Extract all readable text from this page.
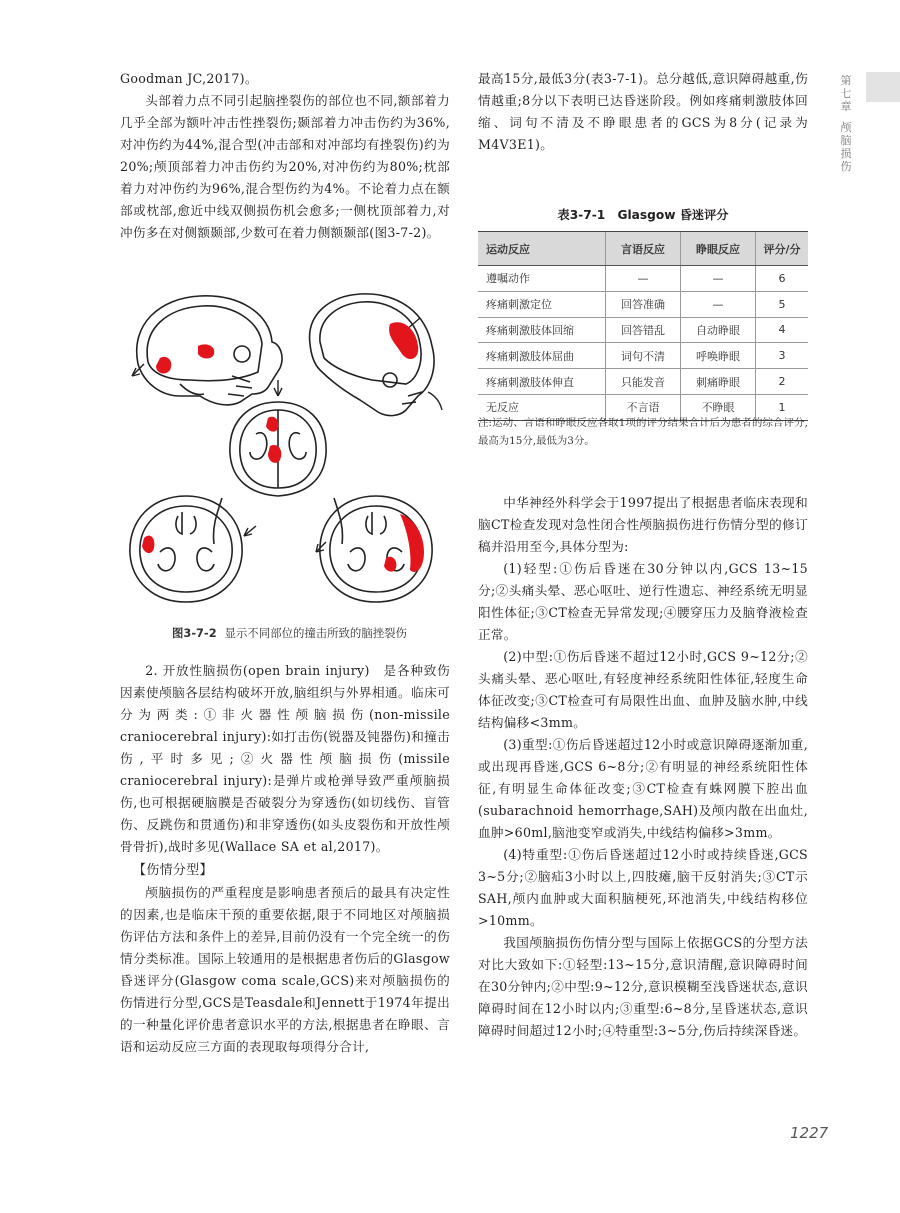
第
七
章
颅
脑
损
伤

Goodman JC,2017)。

头部着力点不同引起脑挫裂伤的部位也不同,额部着力几乎全部为额叶冲击性挫裂伤;颞部着力冲击伤约为36%,对冲伤约为44%,混合型(冲击部和对冲部均有挫裂伤)约为20%;颅顶部着力冲击伤约为20%,对冲伤约为80%;枕部着力对冲伤约为96%,混合型伤约为4%。不论着力点在额部或枕部,愈近中线双侧损伤机会愈多;一侧枕顶部着力,对冲伤多在对侧额颞部,少数可在着力侧额颞部(图3-7-2)。

图3-7-2 显示不同部位的撞击所致的脑挫裂伤

2. 开放性脑损伤(open brain injury)　是各种致伤因素使颅脑各层结构破坏开放,脑组织与外界相通。临床可分为两类:①非火器性颅脑损伤(non-missile craniocerebral injury):如打击伤(锐器及钝器伤)和撞击伤,平时多见;②火器性颅脑损伤(missile craniocerebral injury):是弹片或枪弹导致严重颅脑损伤,也可根据硬脑膜是否破裂分为穿透伤(如切线伤、盲管伤、反跳伤和贯通伤)和非穿透伤(如头皮裂伤和开放性颅骨骨折),战时多见(Wallace SA et al,2017)。

【伤情分型】

颅脑损伤的严重程度是影响患者预后的最具有决定性的因素,也是临床干预的重要依据,限于不同地区对颅脑损伤评估方法和条件上的差异,目前仍没有一个完全统一的伤情分类标准。国际上较通用的是根据患者伤后的Glasgow昏迷评分(Glasgow coma scale,GCS)来对颅脑损伤的伤情进行分型,GCS是Teasdale和Jennett于1974年提出的一种量化评价患者意识水平的方法,根据患者在睁眼、言语和运动反应三方面的表现取每项得分合计,

最高15分,最低3分(表3-7-1)。总分越低,意识障碍越重,伤情越重;8分以下表明已达昏迷阶段。例如疼痛刺激肢体回缩、词句不清及不睁眼患者的GCS为8分(记录为M4V3E1)。

表3-7-1　Glasgow 昏迷评分
运动反应	言语反应	睁眼反应	评分/分
遵嘱动作	—	—	6
疼痛刺激定位	回答准确	—	5
疼痛刺激肢体回缩	回答错乱	自动睁眼	4
疼痛刺激肢体屈曲	词句不清	呼唤睁眼	3
疼痛刺激肢体伸直	只能发音	刺痛睁眼	2
无反应	不言语	不睁眼	1
注:运动、言语和睁眼反应各取1项的评分结果合计后为患者的综合评分,最高为15分,最低为3分。

中华神经外科学会于1997提出了根据患者临床表现和脑CT检查发现对急性闭合性颅脑损伤进行伤情分型的修订稿并沿用至今,具体分型为:

(1)轻型:①伤后昏迷在30分钟以内,GCS 13~15分;②头痛头晕、恶心呕吐、逆行性遗忘、神经系统无明显阳性体征;③CT检查无异常发现;④腰穿压力及脑脊液检查正常。

(2)中型:①伤后昏迷不超过12小时,GCS 9~12分;②头痛头晕、恶心呕吐,有轻度神经系统阳性体征,轻度生命体征改变;③CT检查可有局限性出血、血肿及脑水肿,中线结构偏移<3mm。

(3)重型:①伤后昏迷超过12小时或意识障碍逐渐加重,或出现再昏迷,GCS 6~8分;②有明显的神经系统阳性体征,有明显生命体征改变;③CT检查有蛛网膜下腔出血(subarachnoid hemorrhage,SAH)及颅内散在出血灶,血肿>60ml,脑池变窄或消失,中线结构偏移>3mm。

(4)特重型:①伤后昏迷超过12小时或持续昏迷,GCS 3~5分;②脑疝3小时以上,四肢瘫,脑干反射消失;③CT示SAH,颅内血肿或大面积脑梗死,环池消失,中线结构移位>10mm。

我国颅脑损伤伤情分型与国际上依据GCS的分型方法对比大致如下:①轻型:13~15分,意识清醒,意识障碍时间在30分钟内;②中型:9~12分,意识模糊至浅昏迷状态,意识障碍时间在12小时以内;③重型:6~8分,呈昏迷状态,意识障碍时间超过12小时;④特重型:3~5分,伤后持续深昏迷。

1227
